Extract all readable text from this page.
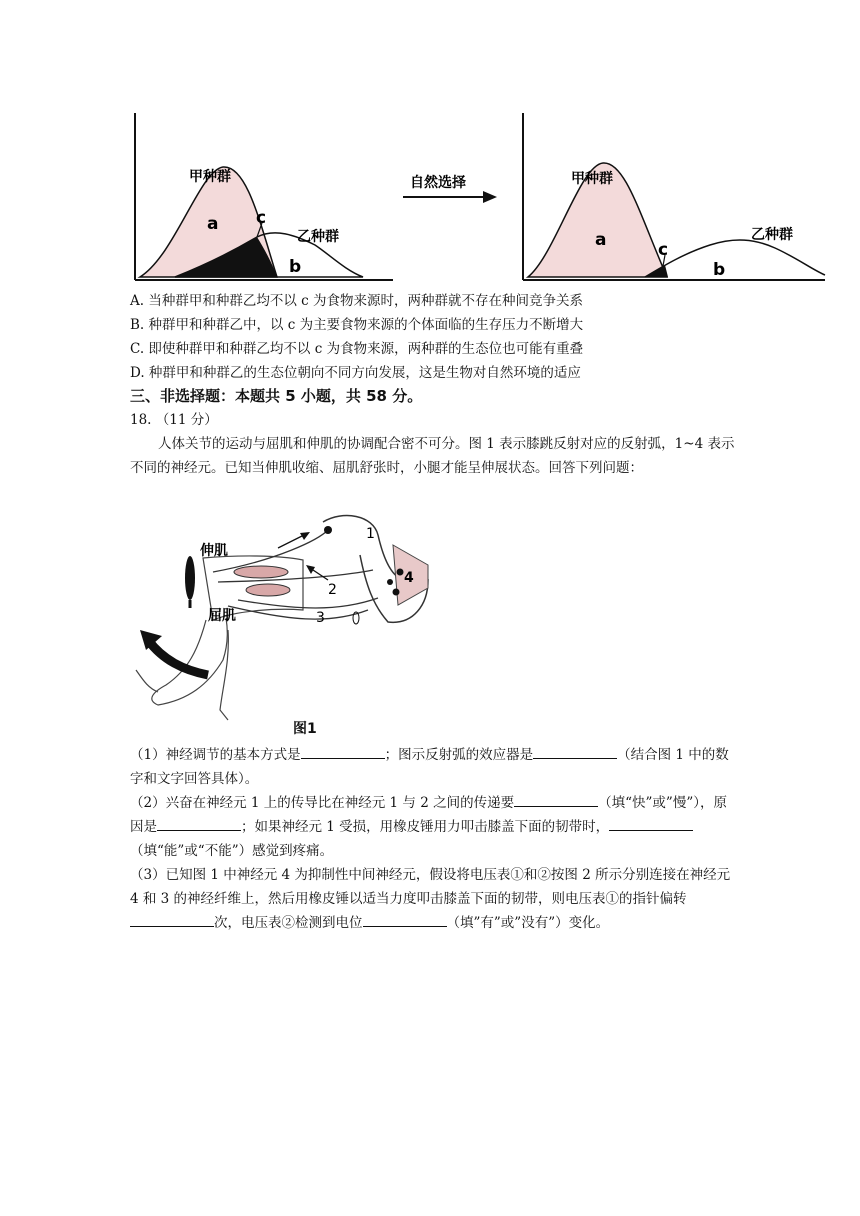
甲种群
乙种群
a c
b
自然选择	甲种群
乙种群
a	c
b
A. 当种群甲和种群乙均不以 c 为食物来源时，两种群就不存在种间竞争关系
B. 种群甲和种群乙中，以 c 为主要食物来源的个体面临的生存压力不断增大
C. 即使种群甲和种群乙均不以 c 为食物来源，两种群的生态位也可能有重叠
D. 种群甲和种群乙的生态位朝向不同方向发展，这是生物对自然环境的适应
三、非选择题：本题共 5 小题，共 58 分。
18. （11 分）
人体关节的运动与屈肌和伸肌的协调配合密不可分。图 1 表示膝跳反射对应的反射弧，1~4 表示不同的神经元。已知当伸肌收缩、屈肌舒张时，小腿才能呈伸展状态。回答下列问题：
伸肌
屈肌
1
2
3
4
图1
（1）神经调节的基本方式是	；图示反射弧的效应器是	（结合图 1 中的数字和文字回答具体）。
（2）兴奋在神经元 1 上的传导比在神经元 1 与 2 之间的传递要	（填“快”或”慢”），原因是	；如果神经元 1 受损，用橡皮锤用力叩击膝盖下面的韧带时，（填“能”或“不能”）感觉到疼痛。
（3）已知图 1 中神经元 4 为抑制性中间神经元，假设将电压表①和②按图 2 所示分别连接在神经元 4 和 3 的神经纤维上，然后用橡皮锤以适当力度叩击膝盖下面的韧带，则电压表①的指针偏转次，电压表②检测到电位	（填”有”或”没有”）变化。
